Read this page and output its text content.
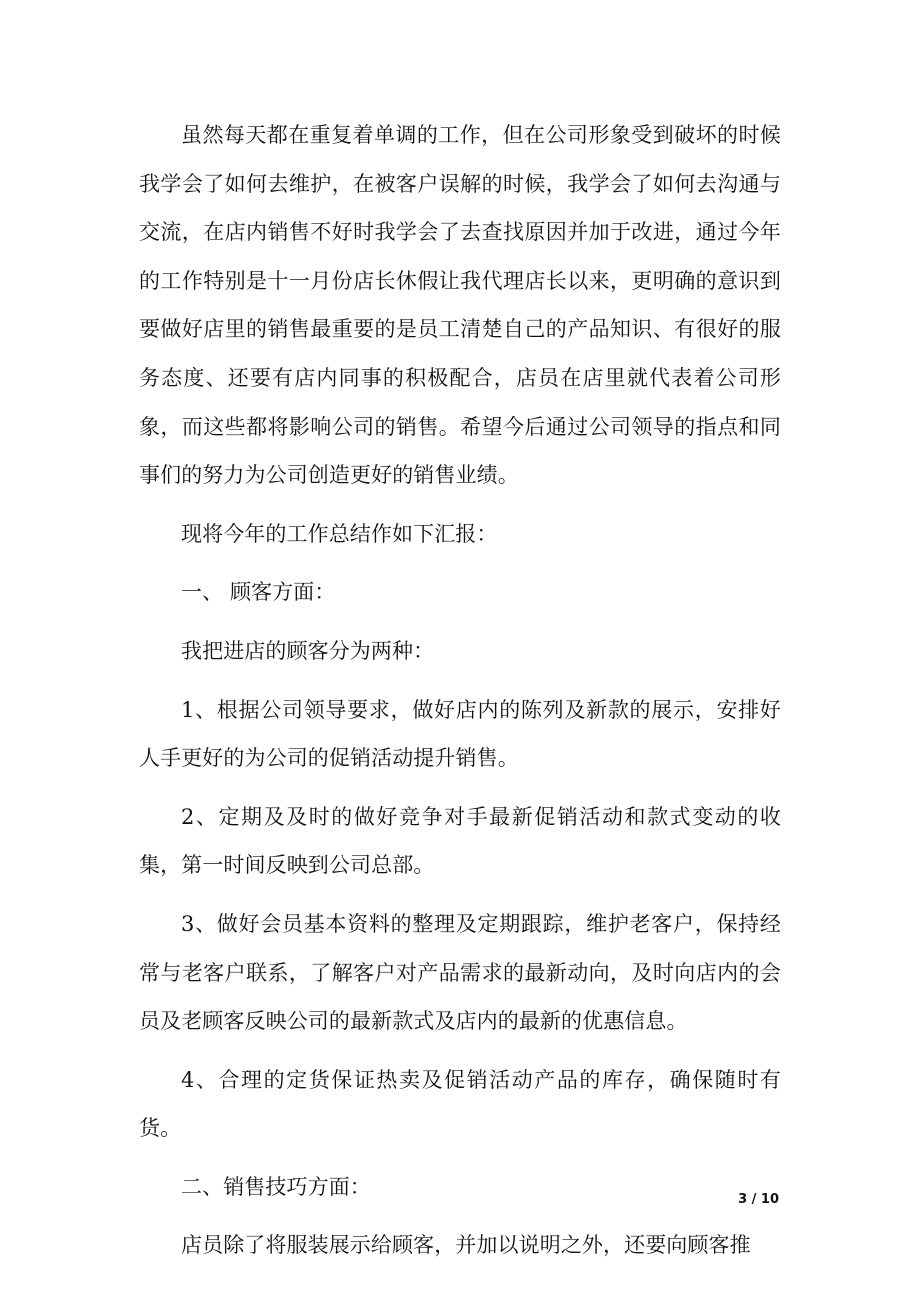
虽然每天都在重复着单调的工作，但在公司形象受到破坏的时候我学会了如何去维护，在被客户误解的时候，我学会了如何去沟通与交流，在店内销售不好时我学会了去查找原因并加于改进，通过今年的工作特别是十一月份店长休假让我代理店长以来，更明确的意识到要做好店里的销售最重要的是员工清楚自己的产品知识、有很好的服务态度、还要有店内同事的积极配合，店员在店里就代表着公司形象，而这些都将影响公司的销售。希望今后通过公司领导的指点和同事们的努力为公司创造更好的销售业绩。

现将今年的工作总结作如下汇报：

一、 顾客方面：

我把进店的顾客分为两种：

1、根据公司领导要求，做好店内的陈列及新款的展示，安排好人手更好的为公司的促销活动提升销售。

2、定期及及时的做好竞争对手最新促销活动和款式变动的收集，第一时间反映到公司总部。

3、做好会员基本资料的整理及定期跟踪，维护老客户，保持经常与老客户联系，了解客户对产品需求的最新动向，及时向店内的会员及老顾客反映公司的最新款式及店内的最新的优惠信息。

4、合理的定货保证热卖及促销活动产品的库存，确保随时有货。

二、销售技巧方面：

店员除了将服装展示给顾客，并加以说明之外，还要向顾客推

3 / 10
